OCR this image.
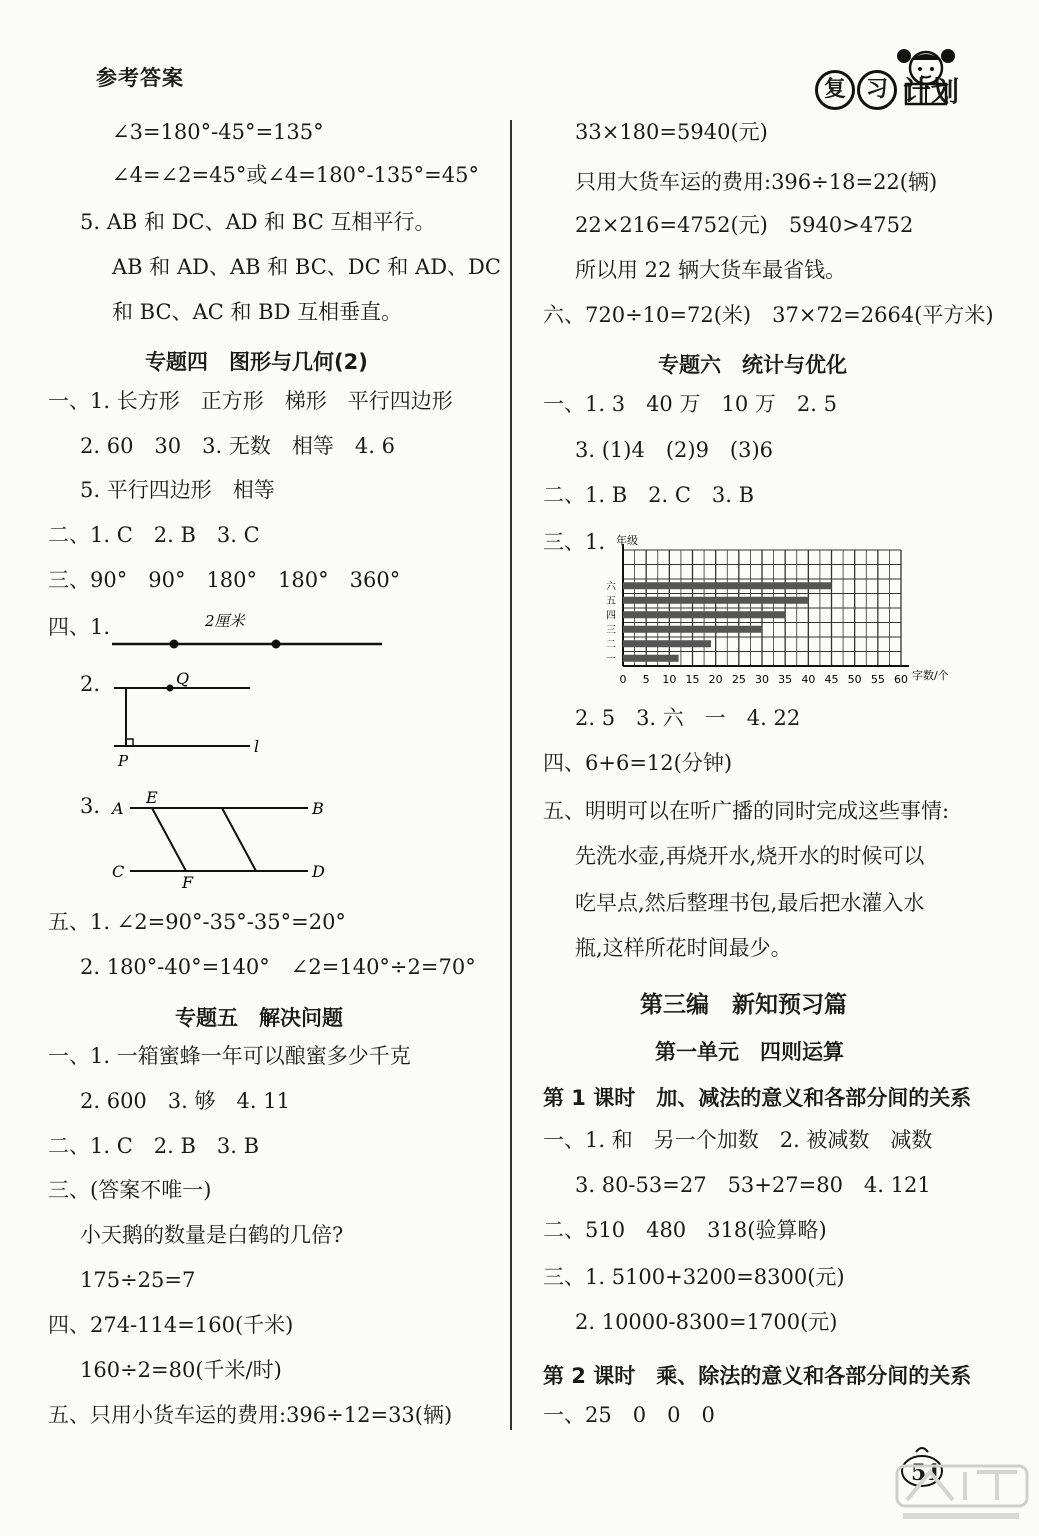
参考答案	复 习 计划
∠3=180°-45°=135°
∠4=∠2=45°或∠4=180°-135°=45°
5. AB 和 DC、AD 和 BC 互相平行。
AB 和 AD、AB 和 BC、DC 和 AD、DC
和 BC、AC 和 BD 互相垂直。
专题四　图形与几何(2)
一、1. 长方形　正方形　梯形　平行四边形
2. 60　30　3. 无数　相等　4. 6
5. 平行四边形　相等
二、1. C　2. B　3. C
三、90°　90°　180°　180°　360°
四、1.	2厘米
2.	Q
P
l
3. A
E
B
C
F
D
五、1. ∠2=90°-35°-35°=20°
2. 180°-40°=140°　∠2=140°÷2=70°
专题五　解决问题
一、1. 一箱蜜蜂一年可以酿蜜多少千克
2. 600　3. 够　4. 11
二、1. C　2. B　3. B
三、(答案不唯一)
小天鹅的数量是白鹤的几倍?
175÷25=7
四、274-114=160(千米)
160÷2=80(千米/时)
五、只用小货车运的费用:396÷12=33(辆)
33×180=5940(元)
只用大货车运的费用:396÷18=22(辆)
22×216=4752(元)　5940>4752
所以用 22 辆大货车最省钱。
六、720÷10=72(米)　37×72=2664(平方米)
专题六　统计与优化
一、1. 3　40 万　10 万　2. 5
3. (1)4　(2)9　(3)6
二、1. B　2. C　3. B
三、1. 年级
一
二
三
四
五
六
0 5 10 15 20 25 30 35 40 45 50 55 60 字数/个
2. 5　3. 六　一　4. 22
四、6+6=12(分钟)
五、明明可以在听广播的同时完成这些事情:
先洗水壶,再烧开水,烧开水的时候可以
吃早点,然后整理书包,最后把水灌入水
瓶,这样所花时间最少。
第三编　新知预习篇
第一单元　四则运算
第 1 课时　加、减法的意义和各部分间的关系
一、1. 和　另一个加数　2. 被减数　减数
3. 80-53=27　53+27=80　4. 121
二、510　480　318(验算略)
三、1. 5100+3200=8300(元)
2. 10000-8300=1700(元)
第 2 课时　乘、除法的意义和各部分间的关系
一、25　0　0　0
51
